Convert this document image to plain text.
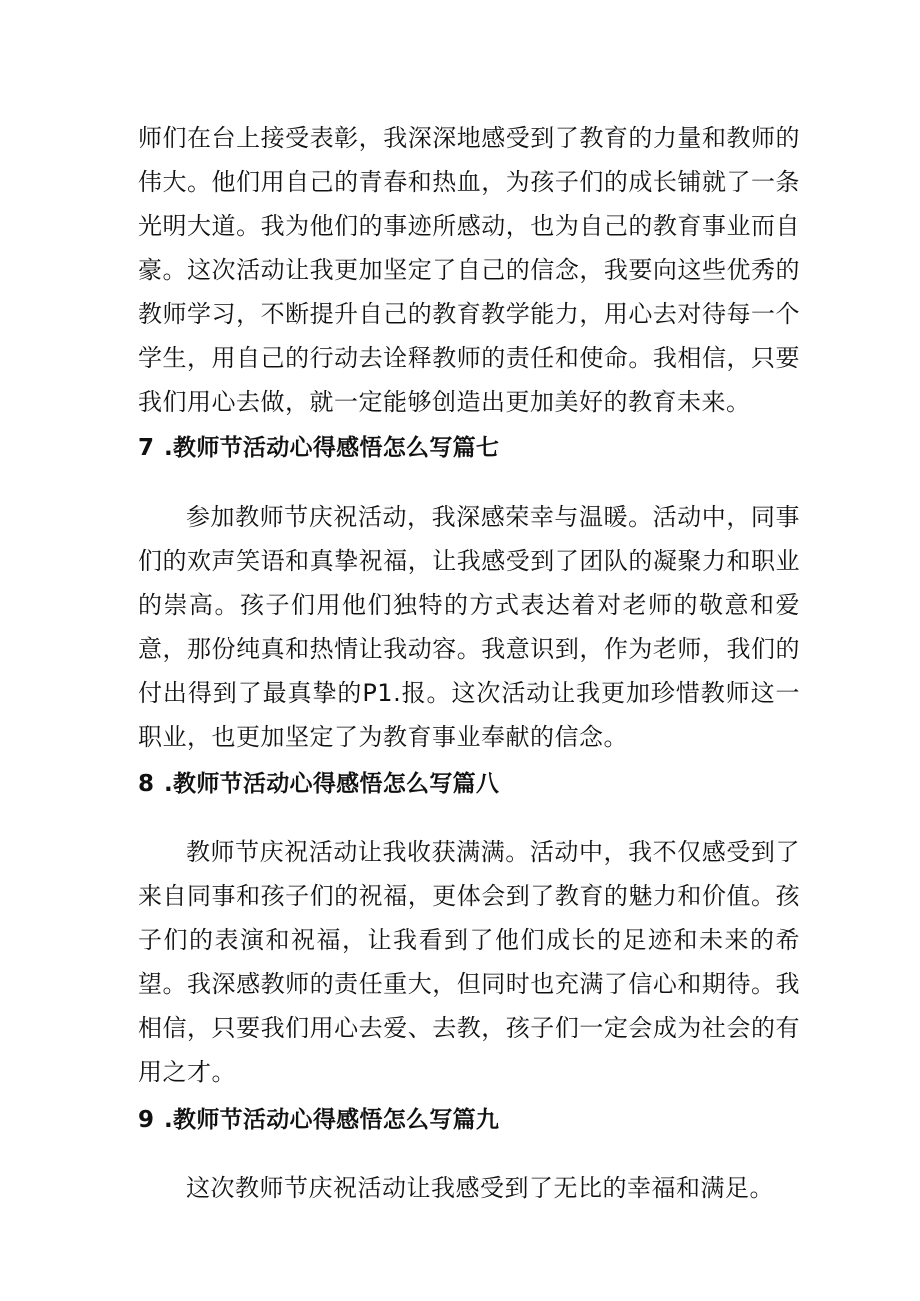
师们在台上接受表彰，我深深地感受到了教育的力量和教师的伟大。他们用自己的青春和热血，为孩子们的成长铺就了一条光明大道。我为他们的事迹所感动，也为自己的教育事业而自豪。这次活动让我更加坚定了自己的信念，我要向这些优秀的教师学习，不断提升自己的教育教学能力，用心去对待每一个学生，用自己的行动去诠释教师的责任和使命。我相信，只要我们用心去做，就一定能够创造出更加美好的教育未来。

7 .教师节活动心得感悟怎么写篇七

参加教师节庆祝活动，我深感荣幸与温暖。活动中，同事们的欢声笑语和真挚祝福，让我感受到了团队的凝聚力和职业的崇高。孩子们用他们独特的方式表达着对老师的敬意和爱意，那份纯真和热情让我动容。我意识到，作为老师，我们的付出得到了最真挚的P1.报。这次活动让我更加珍惜教师这一职业，也更加坚定了为教育事业奉献的信念。

8 .教师节活动心得感悟怎么写篇八

教师节庆祝活动让我收获满满。活动中，我不仅感受到了来自同事和孩子们的祝福，更体会到了教育的魅力和价值。孩子们的表演和祝福，让我看到了他们成长的足迹和未来的希望。我深感教师的责任重大，但同时也充满了信心和期待。我相信，只要我们用心去爱、去教，孩子们一定会成为社会的有用之才。

9 .教师节活动心得感悟怎么写篇九

这次教师节庆祝活动让我感受到了无比的幸福和满足。
